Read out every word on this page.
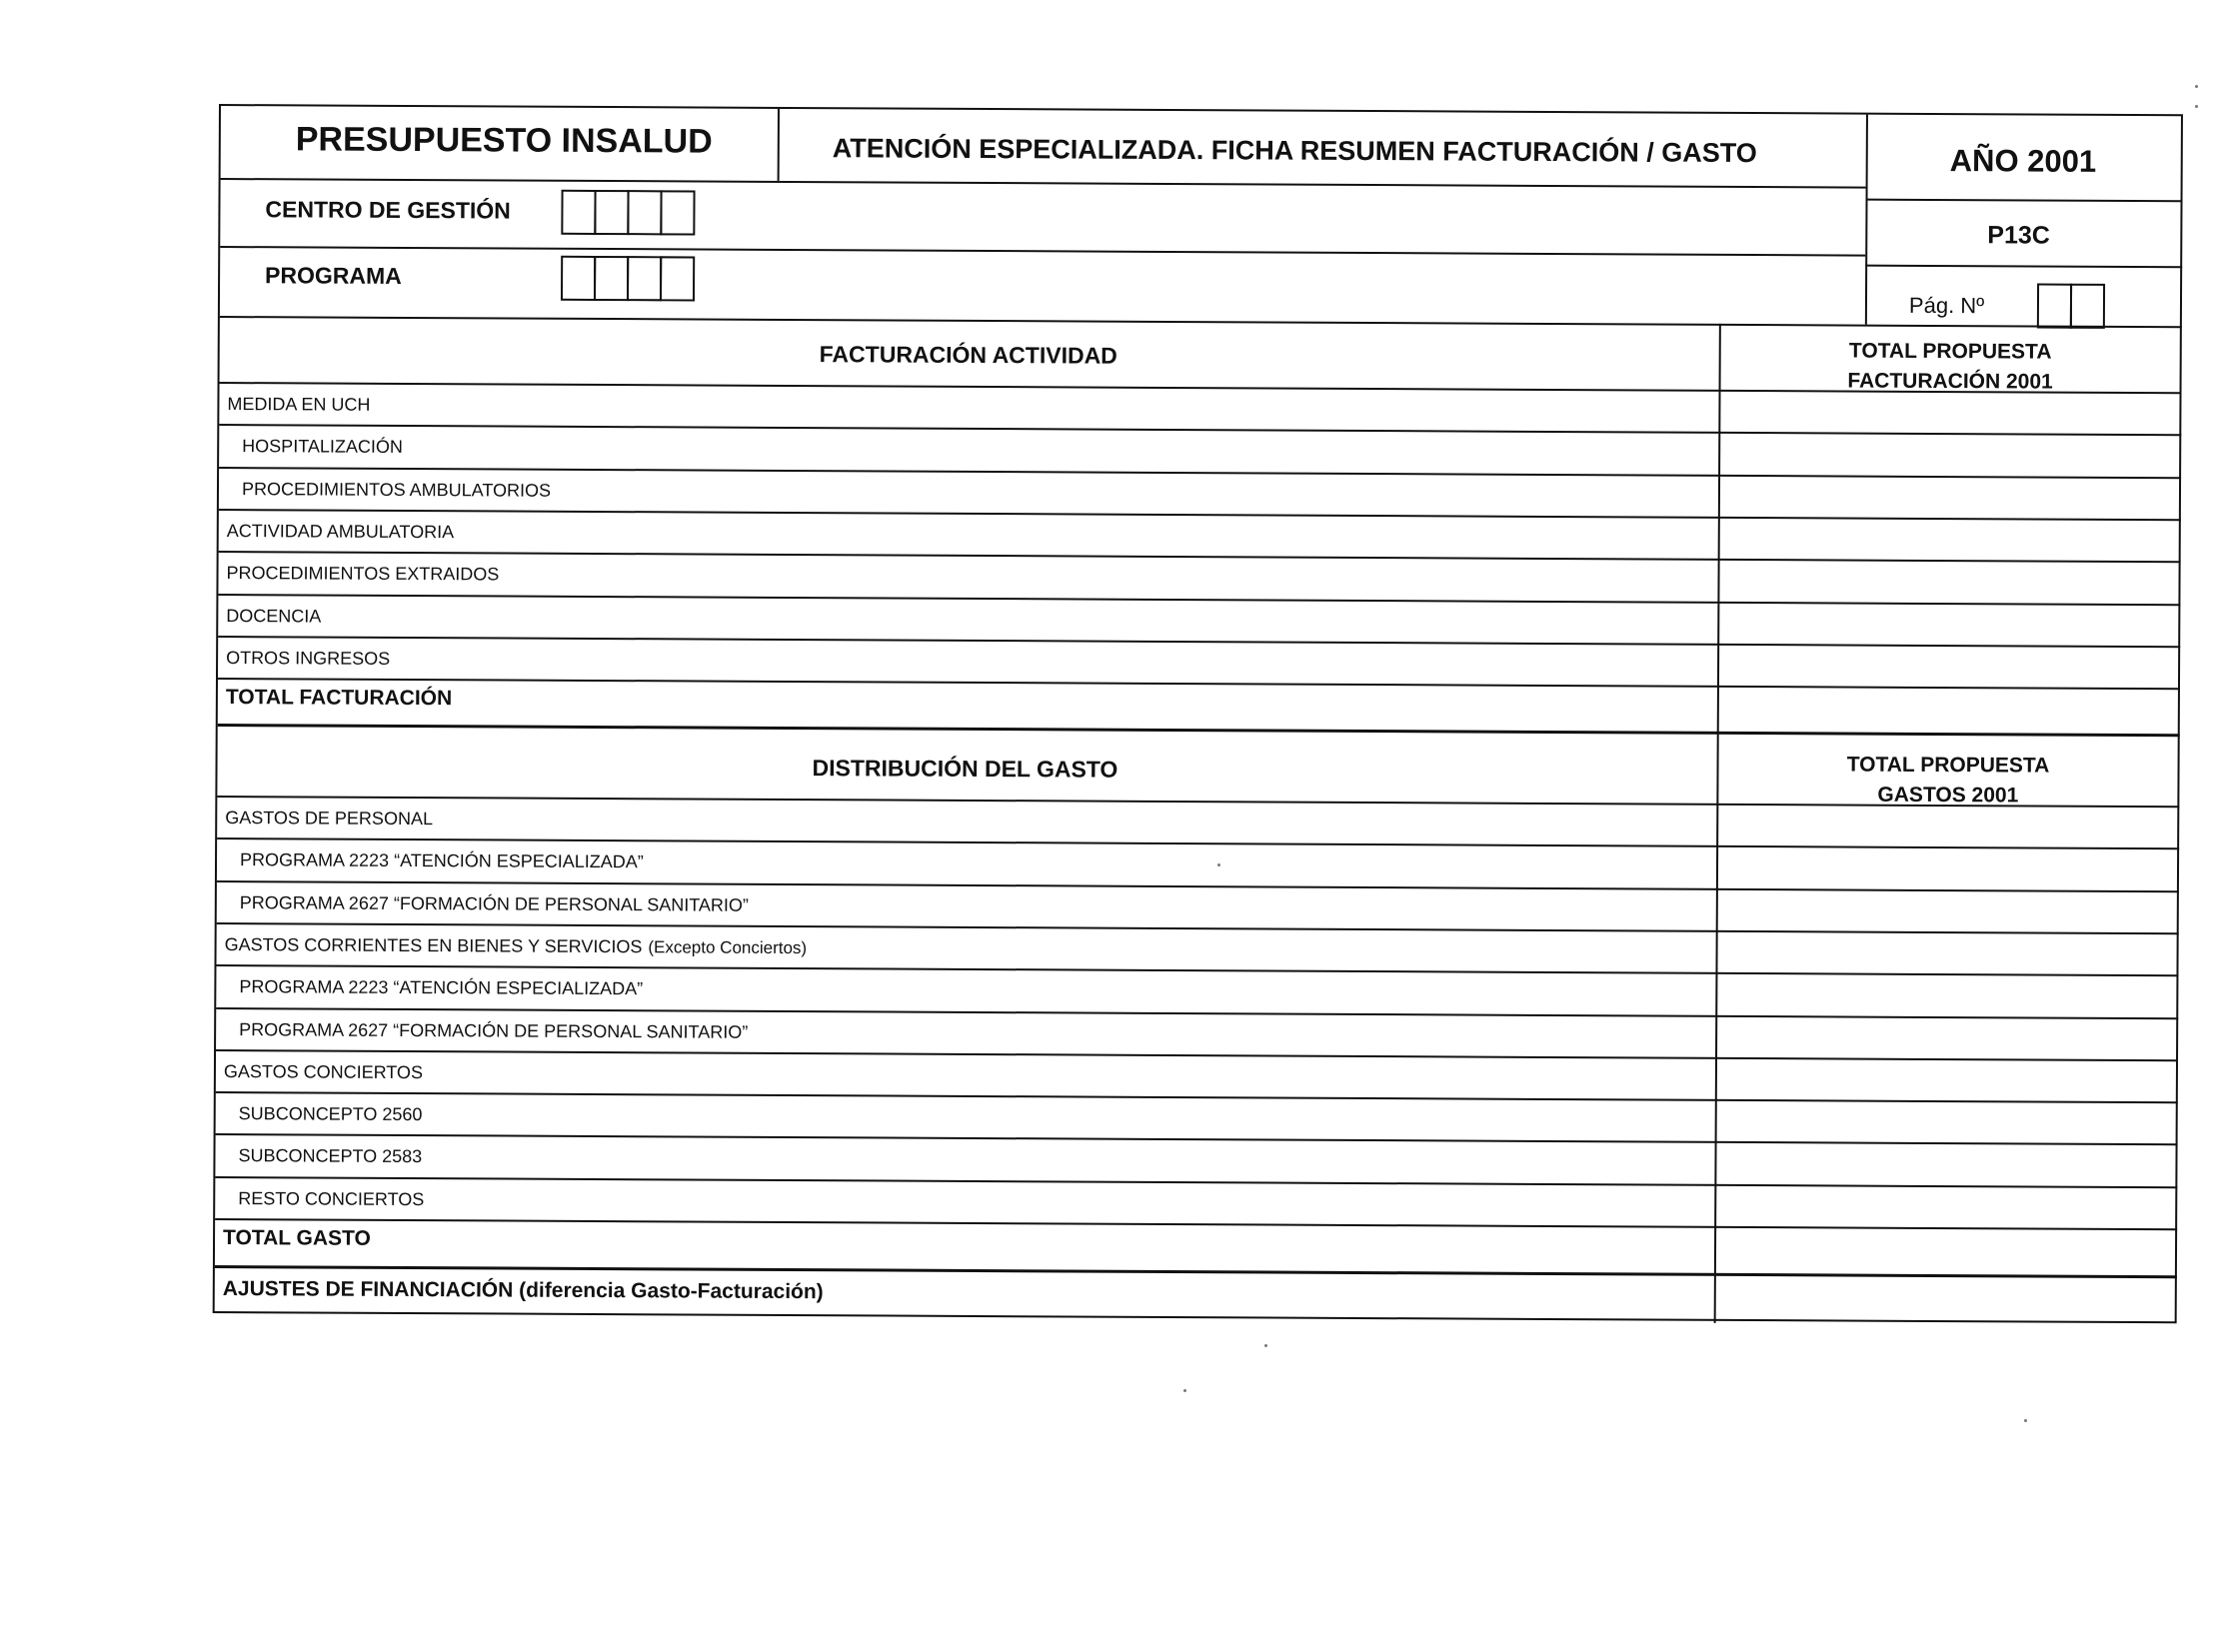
PRESUPUESTO INSALUD	ATENCIÓN ESPECIALIZADA. FICHA RESUMEN FACTURACIÓN / GASTO	AÑO 2001
CENTRO DE GESTIÓN
P13C
PROGRAMA
Pág. Nº
FACTURACIÓN ACTIVIDAD	TOTAL PROPUESTA
FACTURACIÓN 2001
MEDIDA EN UCH
HOSPITALIZACIÓN
PROCEDIMIENTOS AMBULATORIOS
ACTIVIDAD AMBULATORIA
PROCEDIMIENTOS EXTRAIDOS
DOCENCIA
OTROS INGRESOS
TOTAL FACTURACIÓN
DISTRIBUCIÓN DEL GASTO	TOTAL PROPUESTA
GASTOS 2001
GASTOS DE PERSONAL
PROGRAMA 2223 “ATENCIÓN ESPECIALIZADA”
PROGRAMA 2627 “FORMACIÓN DE PERSONAL SANITARIO”
GASTOS CORRIENTES EN BIENES Y SERVICIOS (Excepto Conciertos)
PROGRAMA 2223 “ATENCIÓN ESPECIALIZADA”
PROGRAMA 2627 “FORMACIÓN DE PERSONAL SANITARIO”
GASTOS CONCIERTOS
SUBCONCEPTO 2560
SUBCONCEPTO 2583
RESTO CONCIERTOS
TOTAL GASTO
AJUSTES DE FINANCIACIÓN (diferencia Gasto-Facturación)
